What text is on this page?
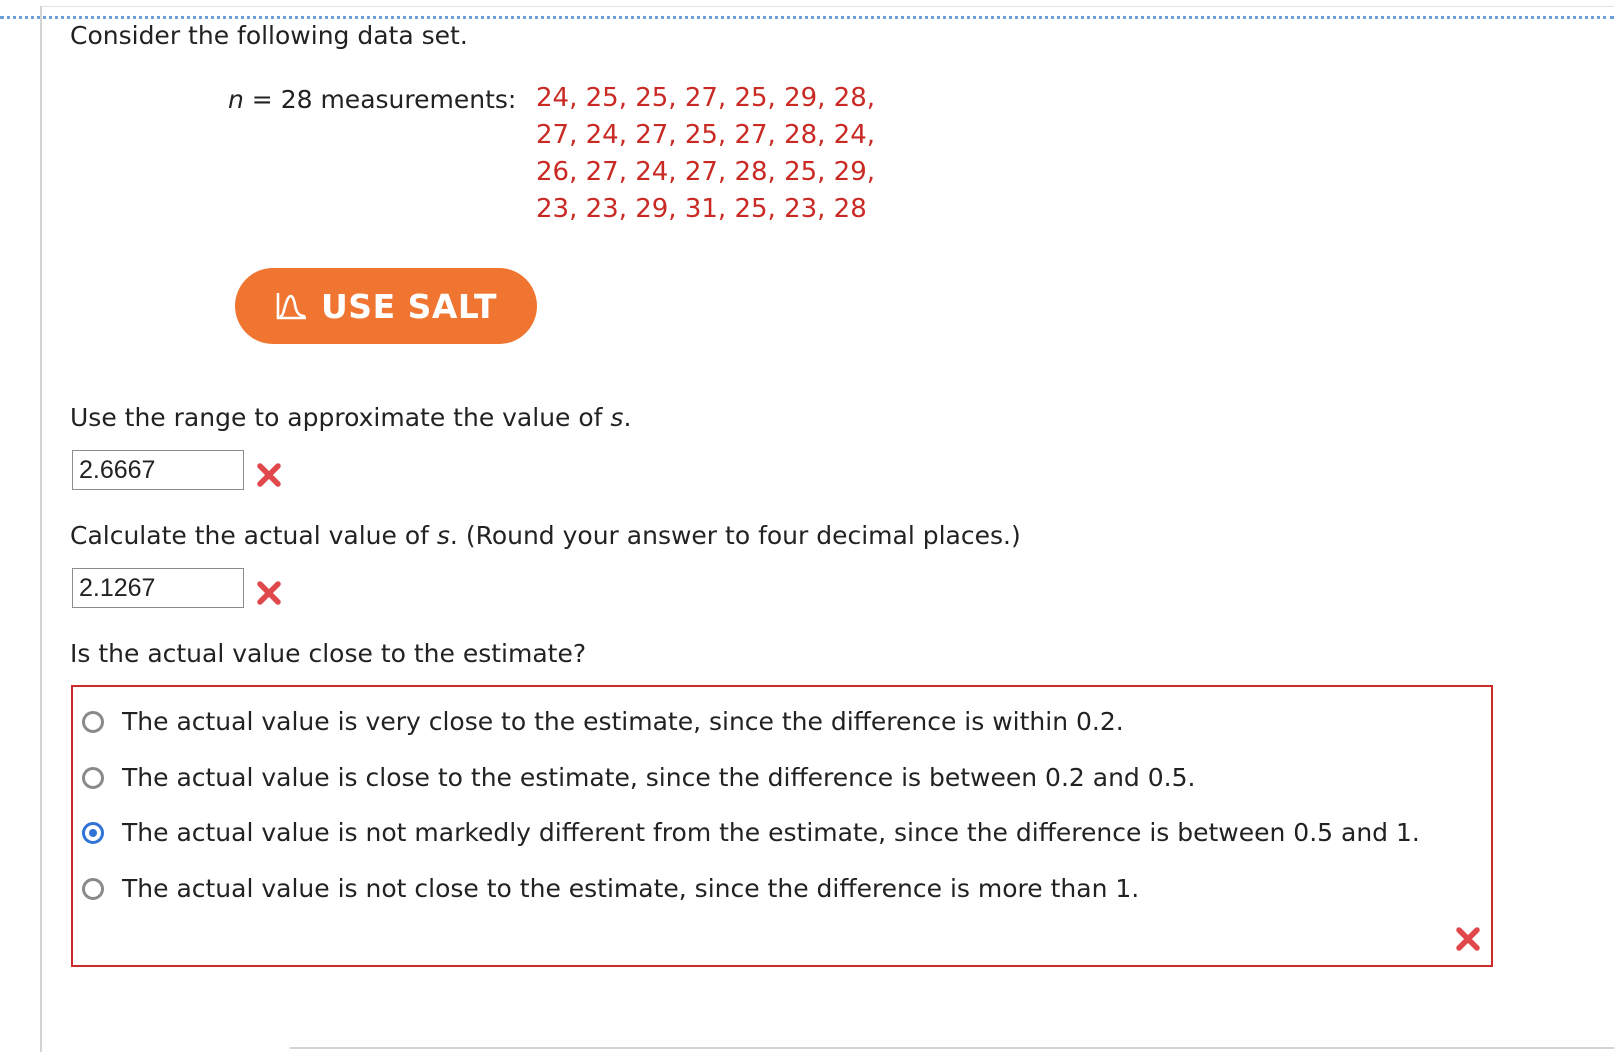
Consider the following data set.
n = 28 measurements: 24, 25, 25, 27, 25, 29, 28,
27, 24, 27, 25, 27, 28, 24,
26, 27, 24, 27, 28, 25, 29,
23, 23, 29, 31, 25, 23, 28
USE SALT
Use the range to approximate the value of s.
2.6667
Calculate the actual value of s. (Round your answer to four decimal places.)
2.1267
Is the actual value close to the estimate?
The actual value is very close to the estimate, since the difference is within 0.2.
The actual value is close to the estimate, since the difference is between 0.2 and 0.5.
The actual value is not markedly different from the estimate, since the difference is between 0.5 and 1.
The actual value is not close to the estimate, since the difference is more than 1.
